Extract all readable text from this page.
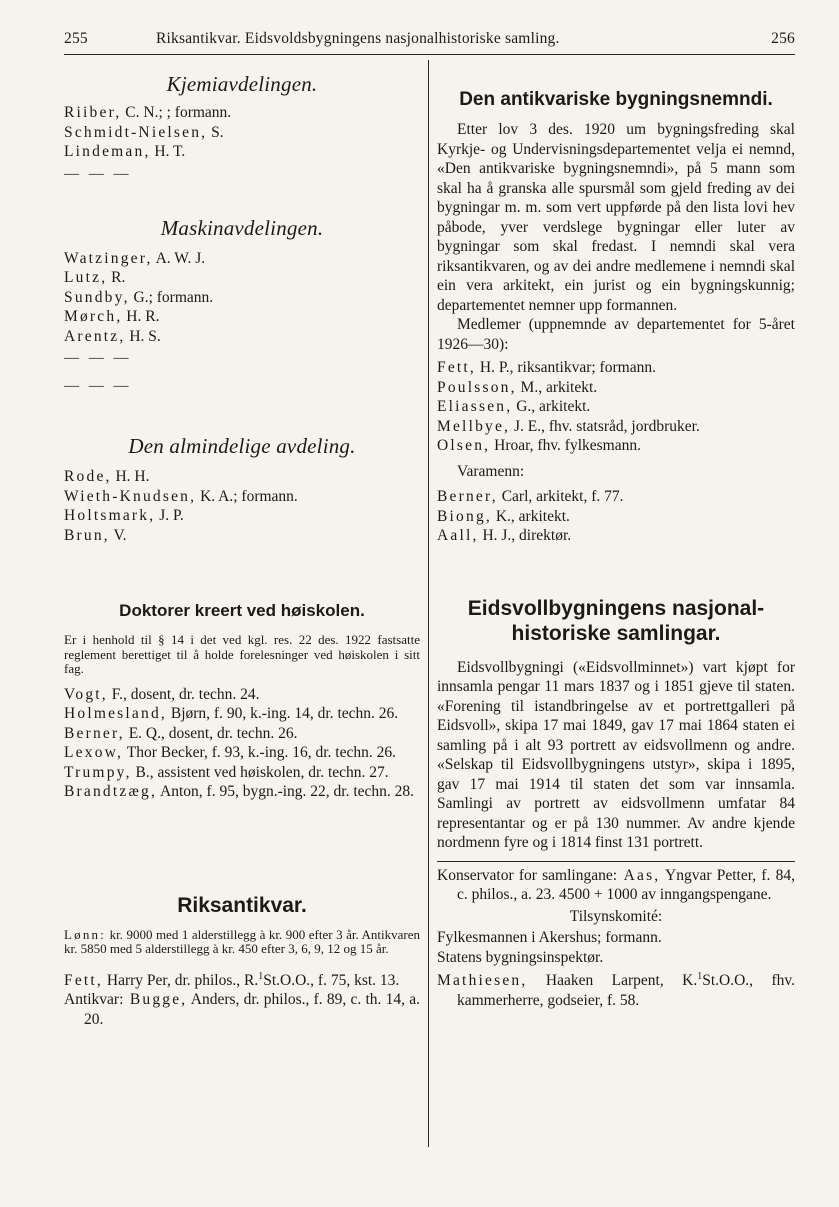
255	Riksantikvar. Eidsvoldsbygningens nasjonalhistoriske samling.	256

Kjemiavdelingen.

Riiber, C. N.; ; formann.

Schmidt-Nielsen, S.

Lindeman, H. T.

— — —

Maskinavdelingen.

Watzinger, A. W. J.

Lutz, R.

Sundby, G.; formann.

Mørch, H. R.

Arentz, H. S.

— — —

— — —

Den almindelige avdeling.

Rode, H. H.

Wieth-Knudsen, K. A.; formann.

Holtsmark, J. P.

Brun, V.

Doktorer kreert ved høiskolen.

Er i henhold til § 14 i det ved kgl. res. 22 des. 1922 fastsatte reglement berettiget til å holde forelesninger ved høiskolen i sitt fag.

Vogt, F., dosent, dr. techn. 24.

Holmesland, Bjørn, f. 90, k.-ing. 14, dr. techn. 26.

Berner, E. Q., dosent, dr. techn. 26.

Lexow, Thor Becker, f. 93, k.-ing. 16, dr. techn. 26.

Trumpy, B., assistent ved høiskolen, dr. techn. 27.

Brandtzæg, Anton, f. 95, bygn.-ing. 22, dr. techn. 28.

Riksantikvar.

Lønn: kr. 9000 med 1 alderstillegg à kr. 900 efter 3 år. Antikvaren kr. 5850 med 5 alderstillegg à kr. 450 efter 3, 6, 9, 12 og 15 år.

Fett, Harry Per, dr. philos., R.$^1$St.O.O., f. 75, kst. 13.

Antikvar: Bugge, Anders, dr. philos., f. 89, c. th. 14, a. 20.

Den antikvariske bygningsnemndi.

Etter lov 3 des. 1920 um bygningsfreding skal Kyrkje- og Undervisningsdepartementet velja ei nemnd, «Den antikvariske bygningsnemndi», på 5 mann som skal ha å granska alle spursmål som gjeld freding av dei bygningar m. m. som vert uppførde på den lista lovi hev påbode, yver verdslege bygningar eller luter av bygningar som skal fredast. I nemndi skal vera riksantikvaren, og av dei andre medlemene i nemndi skal ein vera arkitekt, ein jurist og ein bygningskunnig; departementet nemner upp formannen.

Medlemer (uppnemnde av departementet for 5-året 1926—30):

Fett, H. P., riksantikvar; formann.

Poulsson, M., arkitekt.

Eliassen, G., arkitekt.

Mellbye, J. E., fhv. statsråd, jordbruker.

Olsen, Hroar, fhv. fylkesmann.

Varamenn:

Berner, Carl, arkitekt, f. 77.

Biong, K., arkitekt.

Aall, H. J., direktør.

Eidsvollbygningens nasjonal-

historiske samlingar.

Eidsvollbygningi («Eidsvollminnet») vart kjøpt for innsamla pengar 11 mars 1837 og i 1851 gjeve til staten. «Forening til istandbringelse av et portrettgalleri på Eidsvoll», skipa 17 mai 1849, gav 17 mai 1864 staten ei samling på i alt 93 portrett av eidsvollmenn og andre. «Selskap til Eidsvollbygningens utstyr», skipa i 1895, gav 17 mai 1914 til staten det som var innsamla. Samlingi av portrett av eidsvollmenn umfatar 84 representantar og er på 130 nummer. Av andre kjende nordmenn fyre og i 1814 finst 131 portrett.

Konservator for samlingane: Aas, Yngvar Petter, f. 84, c. philos., a. 23. 4500 + 1000 av inngangspengane.

Tilsynskomité:

Fylkesmannen i Akershus; formann.

Statens bygningsinspektør.

Mathiesen, Haaken Larpent, K.$^1$St.O.O., fhv. kammerherre, godseier, f. 58.
